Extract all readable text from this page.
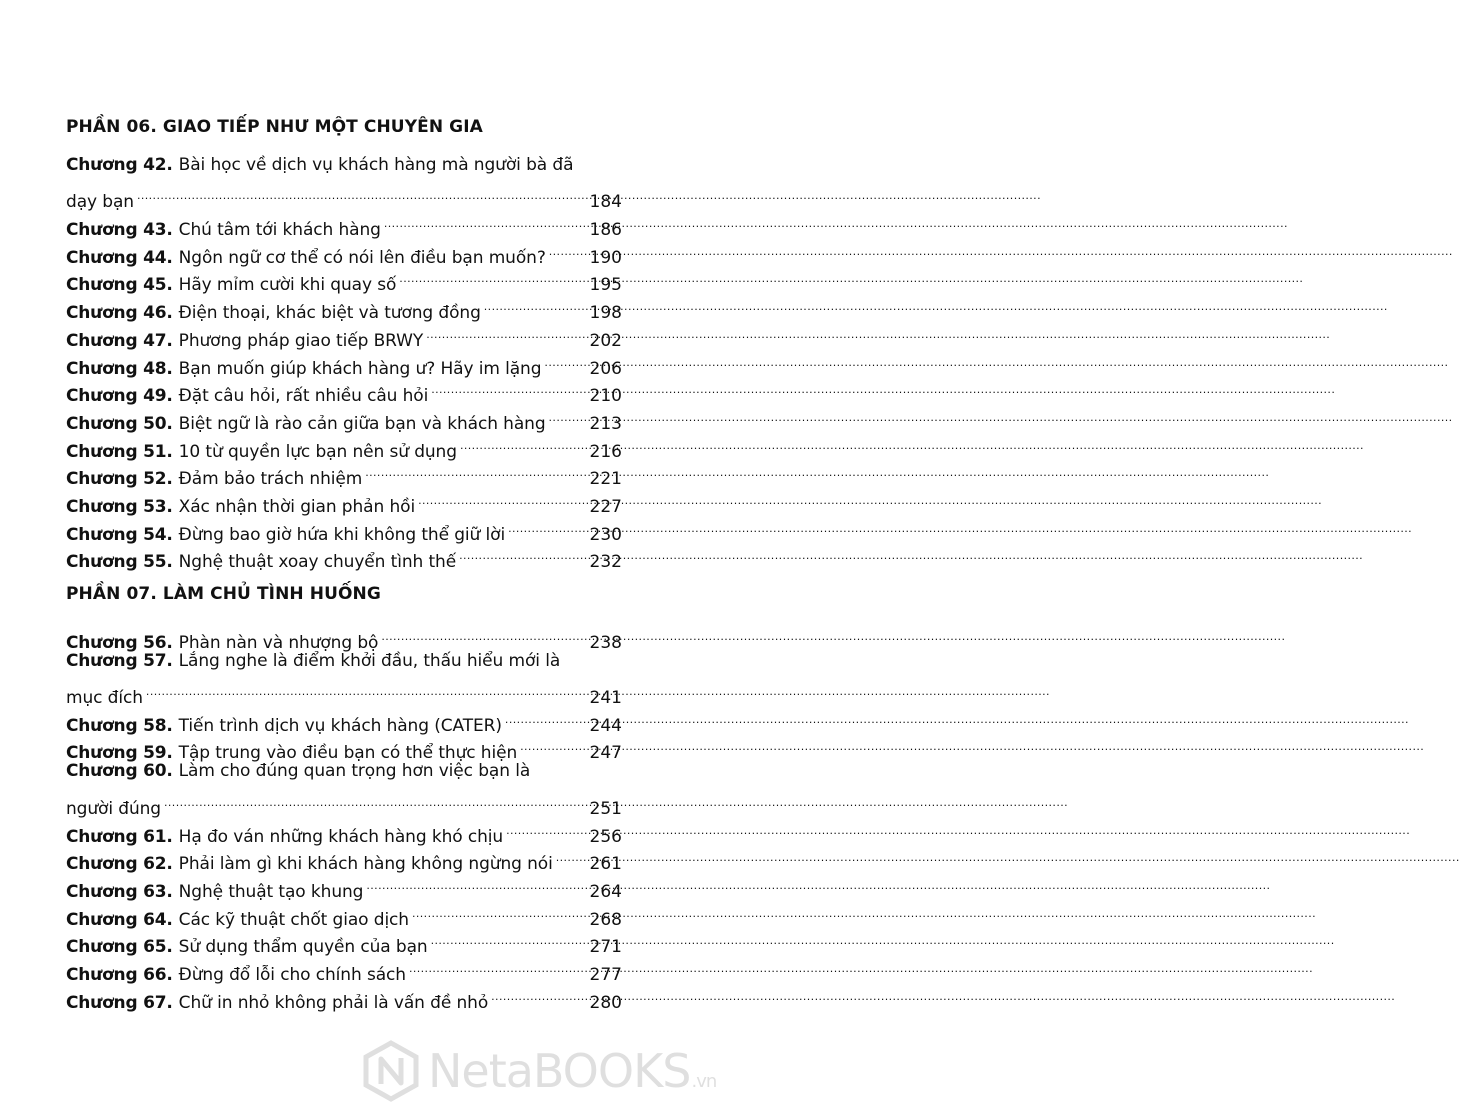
PHẦN 06. GIAO TIẾP NHƯ MỘT CHUYÊN GIA
Chương 42. Bài học về dịch vụ khách hàng mà người bà đã
dạy bạn .....	184
Chương 43. Chú tâm tới khách hàng .....	186
Chương 44. Ngôn ngữ cơ thể có nói lên điều bạn muốn? .....	190
Chương 45. Hãy mỉm cười khi quay số .....	195
Chương 46. Điện thoại, khác biệt và tương đồng .....	198
Chương 47. Phương pháp giao tiếp BRWY .....	202
Chương 48. Bạn muốn giúp khách hàng ư? Hãy im lặng .....	206
Chương 49. Đặt câu hỏi, rất nhiều câu hỏi .....	210
Chương 50. Biệt ngữ là rào cản giữa bạn và khách hàng .....	213
Chương 51. 10 từ quyền lực bạn nên sử dụng .....	216
Chương 52. Đảm bảo trách nhiệm .....	221
Chương 53. Xác nhận thời gian phản hồi .....	227
Chương 54. Đừng bao giờ hứa khi không thể giữ lời .....	230
Chương 55. Nghệ thuật xoay chuyển tình thế .....	232
PHẦN 07. LÀM CHỦ TÌNH HUỐNG
Chương 56. Phàn nàn và nhượng bộ .....	238
Chương 57. Lắng nghe là điểm khởi đầu, thấu hiểu mới là
mục đích .....	241
Chương 58. Tiến trình dịch vụ khách hàng (CATER) .....	244
Chương 59. Tập trung vào điều bạn có thể thực hiện .....	247
Chương 60. Làm cho đúng quan trọng hơn việc bạn là
người đúng .....	251
Chương 61. Hạ đo ván những khách hàng khó chịu .....	256
Chương 62. Phải làm gì khi khách hàng không ngừng nói ..... 261
Chương 63. Nghệ thuật tạo khung .....	264
Chương 64. Các kỹ thuật chốt giao dịch .....	268
Chương 65. Sử dụng thẩm quyền của bạn .....	271
Chương 66. Đừng đổ lỗi cho chính sách .....	277
Chương 67. Chữ in nhỏ không phải là vấn đề nhỏ .....	280
NetaBOOKS.vn
